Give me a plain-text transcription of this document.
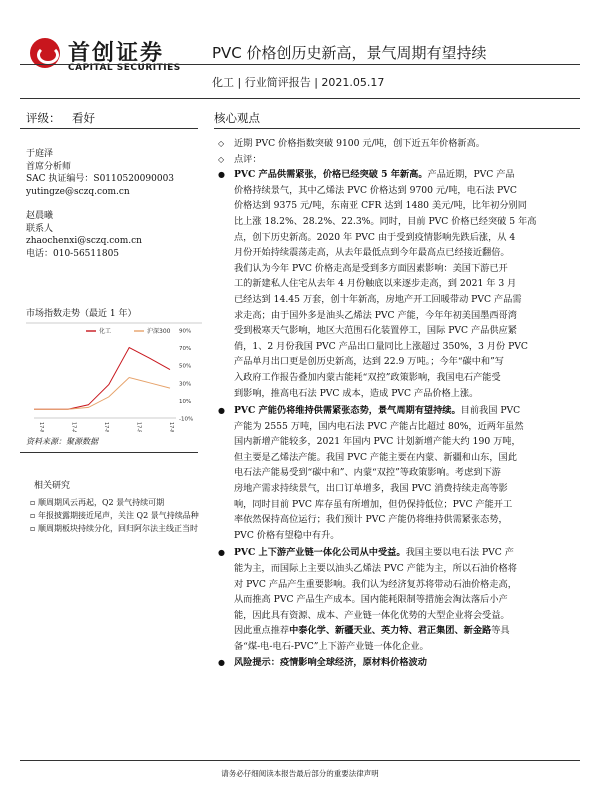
首创证券
CAPITAL SECURITIES
PVC 价格创历史新高，景气周期有望持续
化工 | 行业简评报告 | 2021.05.17
评级： 看好	核心观点
于庭泽
首席分析师
SAC 执证编号：S0110520090003
yutingze@sczq.com.cn
赵晨曦
联系人
zhaochenxi@sczq.com.cn
电话：010-56511805
市场指数走势（最近 1 年）
90%
70%
50%
30%
10%
-10%
17-May	17-Aug	17-Nov	17-Feb	17-May
化工	沪深300
资料来源：聚源数据
相关研究
▫ 顺周期风云再起，Q2 景气持续可期
▫ 年报披露期接近尾声，关注 Q2 景气持续品种
▫ 顺周期板块持续分化，回归阿尔法主线正当时
◇ 近期 PVC 价格指数突破 9100 元/吨，创下近五年价格新高。
◇ 点评：
● PVC 产品供需紧张，价格已经突破 5 年新高。产品近期，PVC 产品
价格持续景气，其中乙烯法 PVC 价格达到 9700 元/吨，电石法 PVC
价格达到 9375 元/吨，东南亚 CFR 达到 1480 美元/吨，比年初分别同
比上涨 18.2%、28.2%、22.3%。同时，目前 PVC 价格已经突破 5 年高
点，创下历史新高。2020 年 PVC 由于受到疫情影响先跌后涨，从 4
月份开始持续震荡走高，从去年最低点到今年最高点已经接近翻倍。
我们认为今年 PVC 价格走高是受到多方面因素影响：美国下游已开
工的新建私人住宅从去年 4 月份触底以来逐步走高，到 2021 年 3 月
已经达到 14.45 万套，创十年新高，房地产开工回暖带动 PVC 产品需
求走高；由于国外多是油头乙烯法 PVC 产能，今年年初美国墨西哥湾
受到极寒天气影响，地区大范围石化装置停工，国际 PVC 产品供应紧
俏，1、2 月份我国 PVC 产品出口量同比上涨超过 350%，3 月份 PVC
产品单月出口更是创历史新高，达到 22.9 万吨。；今年“碳中和”写
入政府工作报告叠加内蒙古能耗“双控”政策影响，我国电石产能受
到影响，推高电石法 PVC 成本，造成 PVC 产品价格上涨。
● PVC 产能仍将维持供需紧张态势，景气周期有望持续。目前我国 PVC
产能为 2555 万吨，国内电石法 PVC 产能占比超过 80%，近两年虽然
国内新增产能较多，2021 年国内 PVC 计划新增产能大约 190 万吨，
但主要是乙烯法产能。我国 PVC 产能主要在内蒙、新疆和山东，国此
电石法产能易受到“碳中和”、内蒙“双控”等政策影响。考虑到下游
房地产需求持续景气，出口订单增多，我国 PVC 消费持续走高等影
响，同时目前 PVC 库存虽有所增加，但仍保持低位；PVC 产能开工
率依然保持高位运行；我们预计 PVC 产能仍将维持供需紧张态势，
PVC 价格有望稳中有升。
● PVC 上下游产业链一体化公司从中受益。我国主要以电石法 PVC 产
能为主，而国际上主要以油头乙烯法 PVC 产能为主，所以石油价格将
对 PVC 产品产生重要影响。我们认为经济复苏将带动石油价格走高，
从而推高 PVC 产品生产成本。国内能耗限制等措施会淘汰落后小产
能，因此具有资源、成本、产业链一体化优势的大型企业将会受益。
因此重点推荐中泰化学、新疆天业、英力特、君正集团、新金路等具
备“煤-电-电石-PVC”上下游产业链一体化企业。
● 风险提示：疫情影响全球经济，原材料价格波动
请务必仔细阅读本报告最后部分的重要法律声明
